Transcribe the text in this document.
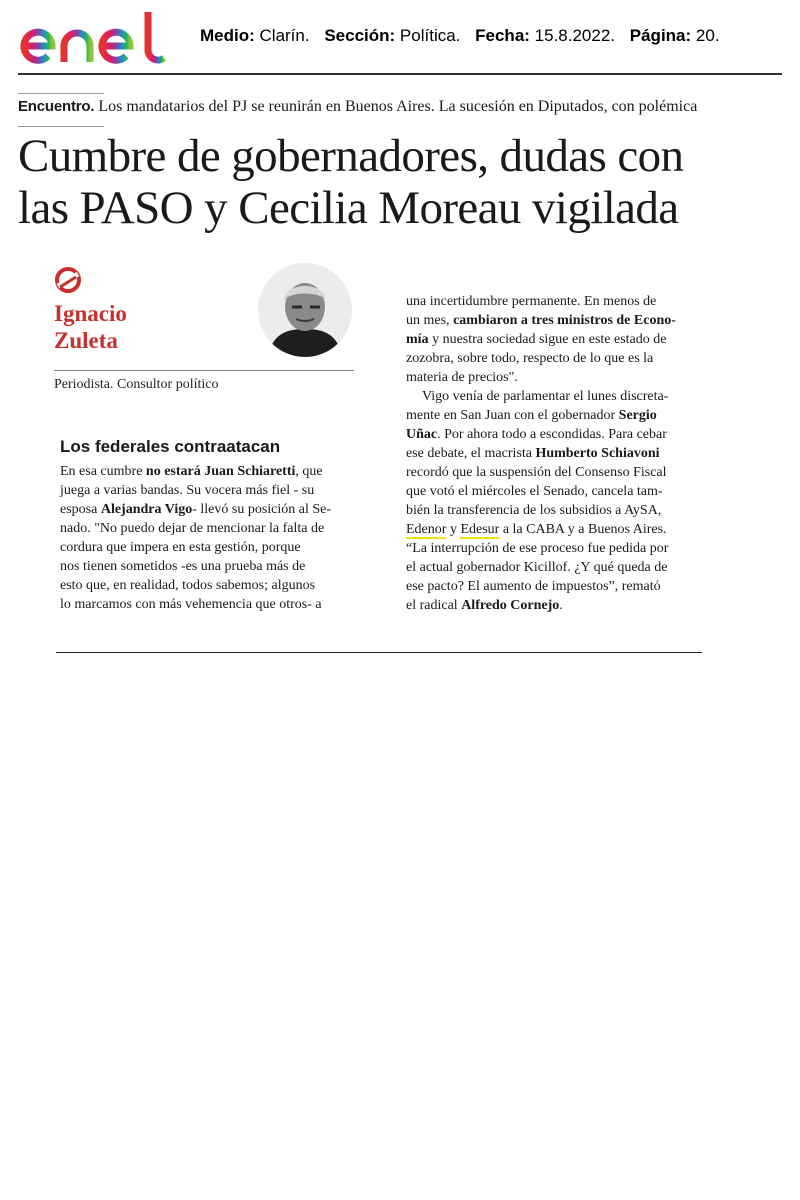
Medio: Clarín. Sección: Política. Fecha: 15.8.2022. Página: 20.
Encuentro. Los mandatarios del PJ se reunirán en Buenos Aires. La sucesión en Diputados, con polémica
Cumbre de gobernadores, dudas con
las PASO y Cecilia Moreau vigilada
Ignacio
Zuleta
Periodista. Consultor político
Los federales contraatacan
En esa cumbre no estará Juan Schiaretti, que
juega a varias bandas. Su vocera más fiel - su
esposa Alejandra Vigo- llevó su posición al Se-
nado. "No puedo dejar de mencionar la falta de
cordura que impera en esta gestión, porque
nos tienen sometidos -es una prueba más de
esto que, en realidad, todos sabemos; algunos
lo marcamos con más vehemencia que otros- a
una incertidumbre permanente. En menos de
un mes, cambiaron a tres ministros de Econo-
mía y nuestra sociedad sigue en este estado de
zozobra, sobre todo, respecto de lo que es la
materia de precios".
Vigo venía de parlamentar el lunes discreta-
mente en San Juan con el gobernador Sergio
Uñac. Por ahora todo a escondidas. Para cebar
ese debate, el macrista Humberto Schiavoni
recordó que la suspensión del Consenso Fiscal
que votó el miércoles el Senado, cancela tam-
bién la transferencia de los subsidios a AySA,
Edenor y Edesur a la CABA y a Buenos Aires.
“La interrupción de ese proceso fue pedida por
el actual gobernador Kicillof. ¿Y qué queda de
ese pacto? El aumento de impuestos”, rematό
el radical Alfredo Cornejo.
